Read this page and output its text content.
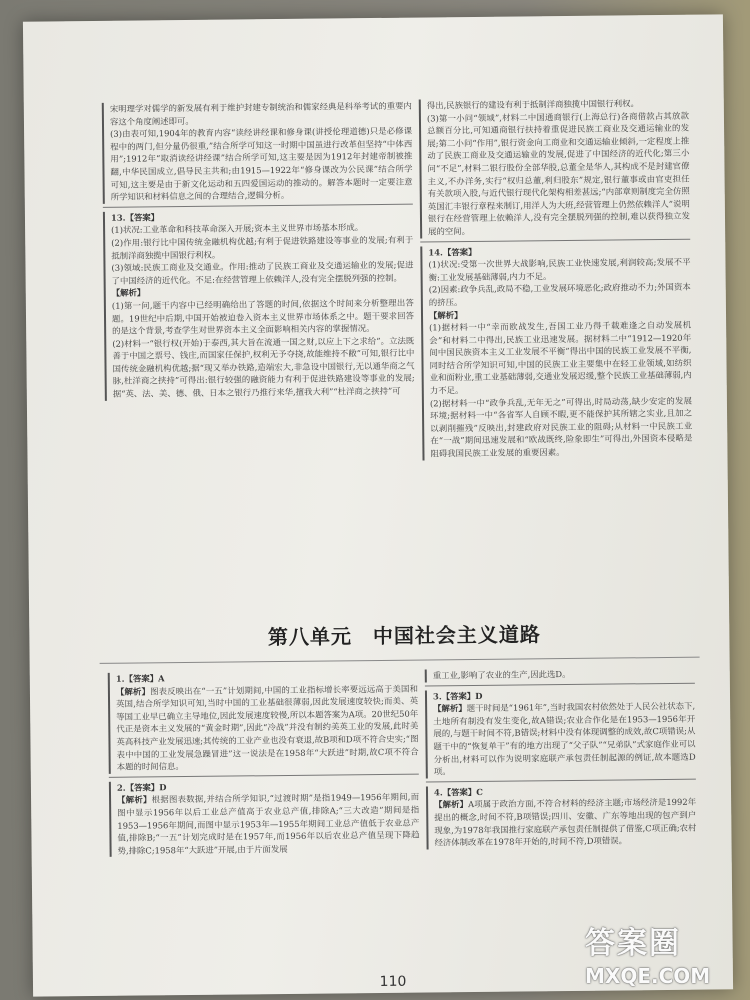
宋明理学对儒学的新发展有利于维护封建专制统治和儒家经典是科举考试的重要内容这个角度阐述即可。

(3)由表可知,1904年的教育内容“读经讲经课和修身课(讲授伦理道德)只是必修课程中的两门,但分量仍很重,”结合所学可知这一时期中国虽进行改革但坚持“中体西用”;1912年“取消读经讲经课”结合所学可知,这主要是因为1912年封建帝制被推翻,中华民国成立,倡导民主共和;由1915—1922年“修身课改为公民课”结合所学可知,这主要是由于新文化运动和五四爱国运动的推动的。解答本题时一定要注意所学知识和材料信息之间的合理结合,逻辑分析。

13.【答案】

(1)状况:工业革命和科技革命深入开展;资本主义世界市场基本形成。

(2)作用:银行比中国传统金融机构优越;有利于促进铁路建设等事业的发展;有利于抵制洋商独揽中国银行利权。

(3)领域:民族工商业及交通业。作用:推动了民族工商业及交通运输业的发展;促进了中国经济的近代化。不足:在经营管理上依赖洋人,没有完全摆脱列强的控制。

【解析】

(1)第一问,题干内容中已经明确给出了答题的时间,依据这个时间来分析整理出答题。19世纪中后期,中国开始被迫卷入资本主义世界市场体系之中。题干要求回答的是这个背景,考查学生对世界资本主义全面影响相关内容的掌握情况。

(2)材料一“银行权(开始)于泰西,其大旨在流通一国之财,以应上下之求给”。立法既善于中国之票号、钱庄,而国家任保护,权利无予夺挠,故能维持不敝”可知,银行比中国传统金融机构优越;据“现又举办铁路,造端宏大,非急设中国银行,无以通华商之气脉,杜洋商之挟持”可得出:银行较强的融资能力有利于促进铁路建设等事业的发展;据“英、法、美、德、俄、日本之银行乃推行来华,擅我大利”“杜洋商之挟持”可

得出,民族银行的建设有利于抵制洋商独揽中国银行利权。

(3)第一小问“领域”,材料二中国通商银行(上海总行)各商借款占其放款总额百分比,可知通商银行扶持着重促进民族工商业及交通运输业的发展;第二小问“作用”,银行资金向工商业和交通运输业倾斜,一定程度上推动了民族工商业及交通运输业的发展,促进了中国经济的近代化;第三小问“不足”,材料二银行股份全部华股,总董全是华人,其构成不是封建官僚主义,不办洋务,实行“权归总董,利归股东”规定,银行董事或由官吏担任有关款项入股,与近代银行现代化架构相差甚远;“内部章则制度完全仿照英国汇丰银行章程来制订,用洋人为大班,经营管理上仍然依赖洋人”说明银行在经营管理上依赖洋人,没有完全摆脱列强的控制,难以获得独立发展的空间。

14.【答案】

(1)状况:受第一次世界大战影响,民族工业快速发展,利润较高;发展不平衡:工业发展基础薄弱,内力不足。

(2)因素:政争兵乱,政局不稳,工业发展环境恶化;政府推动不力;外国资本的挤压。

【解析】

(1)据材料一中“幸而欧战发生,吾国工业乃得千载难逢之自动发展机会”和材料二中得出,民族工业迅速发展。据材料二中“1912—1920年间中国民族资本主义工业发展不平衡”得出中国的民族工业发展不平衡,同时结合所学知识可知,中国的民族工业主要集中在轻工业领域,如纺织业和面粉业,重工业基础薄弱,交通业发展迟缓,整个民族工业基础薄弱,内力不足。

(2)据材料一中“政争兵乱,无年无之”可得出,时局动荡,缺少安定的发展环境;据材料一中“各省军人自顾不暇,更不能保护其所辖之实业,且加之以剥削摧残”反映出,封建政府对民族工业的阻碍;从材料一中民族工业在“一战”期间迅速发展和“欧战既终,险象即生”可得出,外国资本侵略是阻碍我国民族工业发展的重要因素。

第八单元　中国社会主义道路

1.【答案】A

【解析】图表反映出在“一五”计划期间,中国的工业指标增长率要远远高于美国和英国,结合所学知识可知,当时中国的工业基础很薄弱,因此发展速度较快;而美、英等国工业早已确立主导地位,因此发展速度较慢,所以本题答案为A项。20世纪50年代正是资本主义发展的“黄金时期”,因此“冷战”并没有制约美英工业的发展,此时美英高科技产业发展迅速;其传统的工业产业也没有衰退,故B项和D项不符合史实;“图表中中国的工业发展急躁冒进”这一说法是在1958年“大跃进”时期,故C项不符合本题的时间信息。

2.【答案】D

【解析】根据图表数据,并结合所学知识,“过渡时期”是指1949—1956年期间,而图中显示1956年以后工业总产值高于农业总产值,排除A;“三大改造”期间是指1953—1956年期间,而图中显示1953年—1955年期间工业总产值低于农业总产值,排除B;“一五”计划完成时是在1957年,而1956年以后农业总产值呈现下降趋势,排除C;1958年“大跃进”开展,由于片面发展

重工业,影响了农业的生产,因此选D。

3.【答案】D

【解析】题干时间是“1961年”,当时我国农村依然处于人民公社状态下,土地所有制没有发生变化,故A错误;农业合作化是在1953—1956年开展的,与题干时间不符,B错误;材料中没有体现调整的成效,故C项错误;从题干中的“恢复单干”有的地方出现了“父子队”“兄弟队”式家庭作业可以分析出,材料可以作为说明家庭联产承包责任制起源的例证,故本题选D项。

4.【答案】C

【解析】A项属于政治方面,不符合材料的经济主题;市场经济是1992年提出的概念,时间不符,B项错误;四川、安徽、广东等地出现的包产到户现象,为1978年我国推行家庭联产承包责任制提供了借鉴,C项正确;农村经济体制改革在1978年开始的,时间不符,D项错误。

110
答案圈
MXQE.COM
